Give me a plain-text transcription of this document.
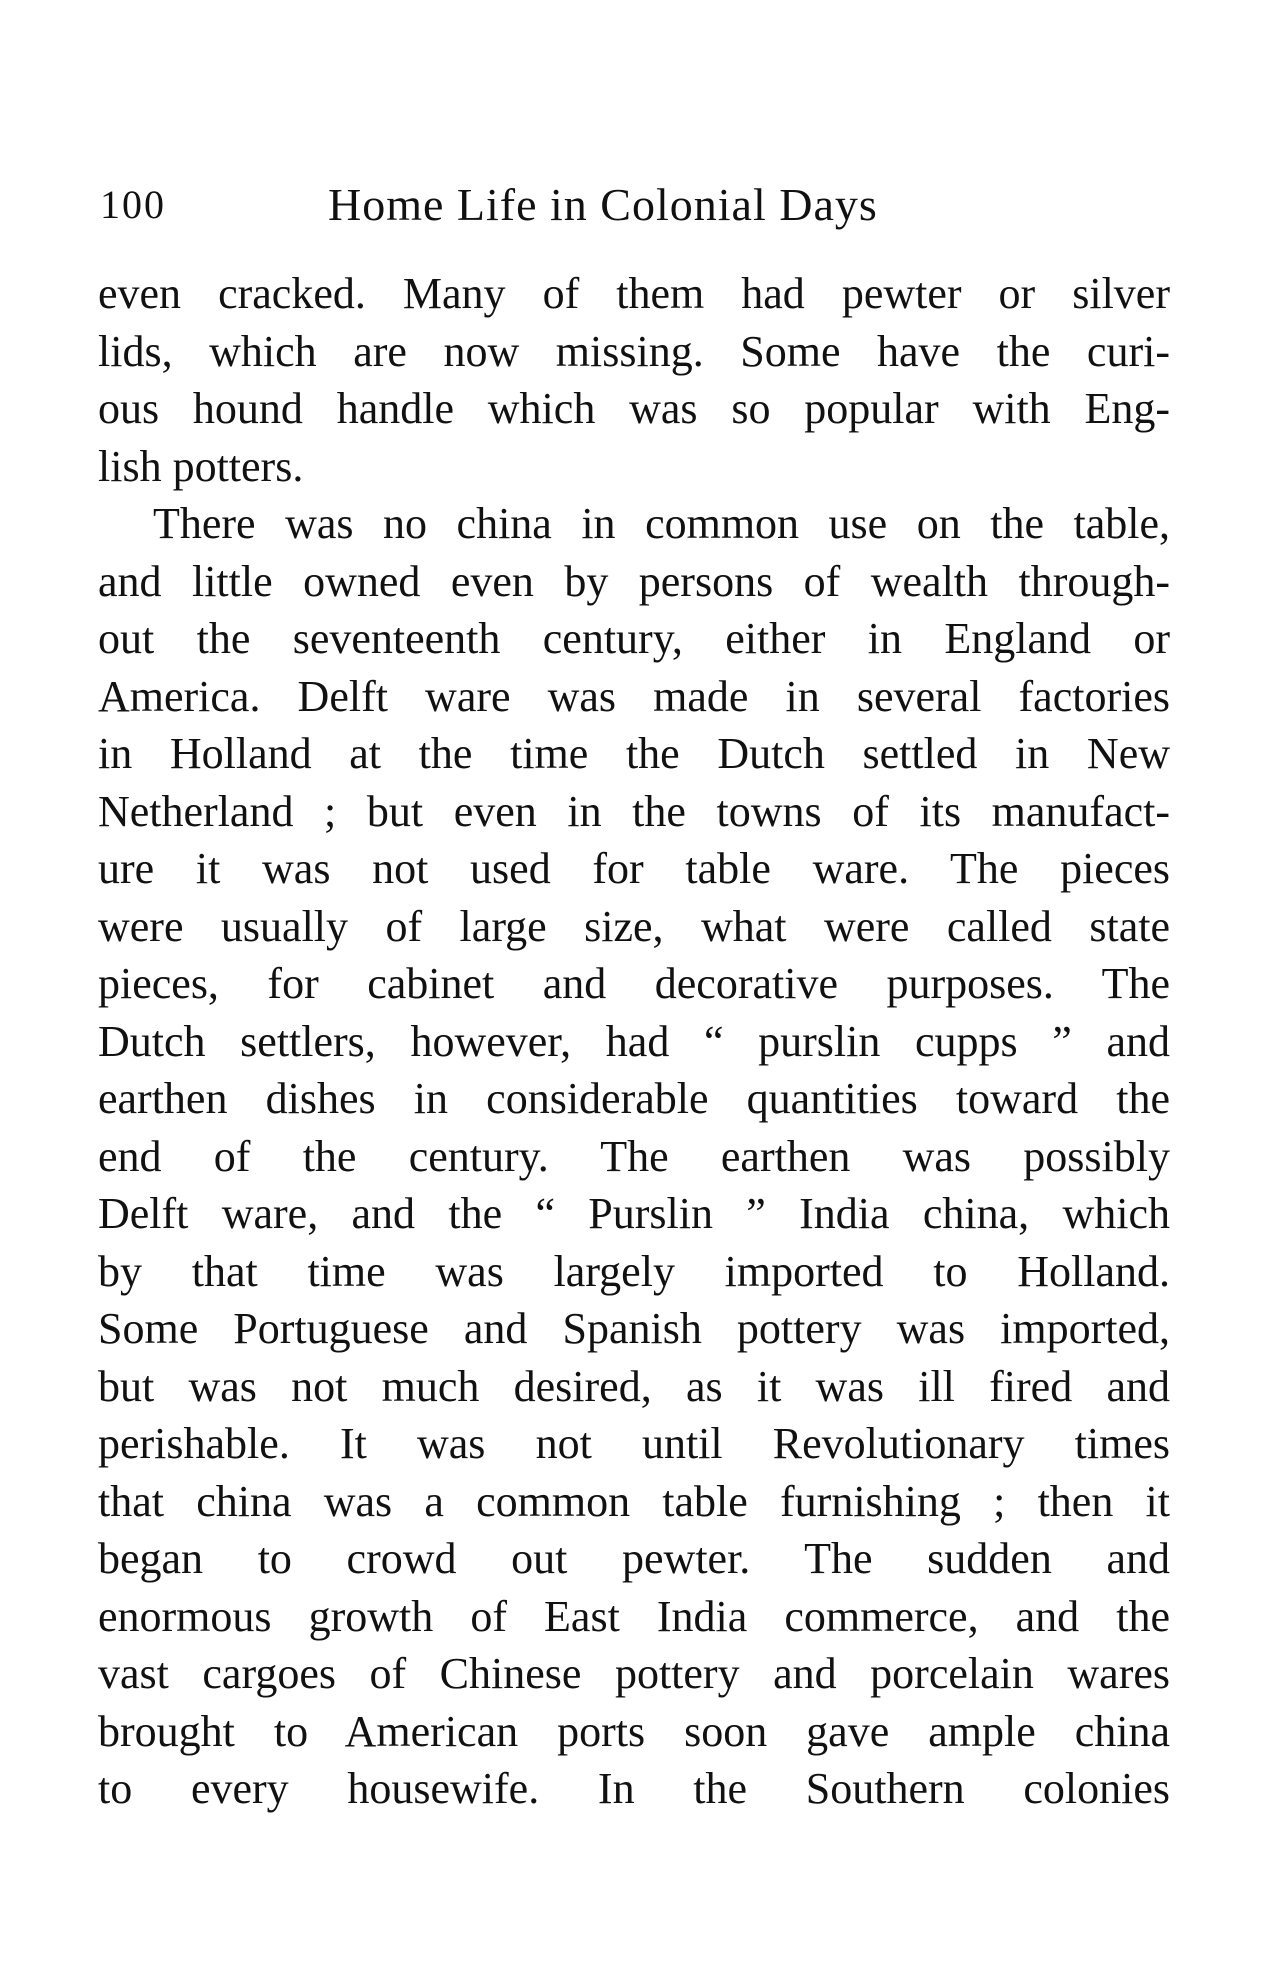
100	Home Life in Colonial Days
even cracked. Many of them had pewter or silver
lids, which are now missing. Some have the curi-
ous hound handle which was so popular with Eng-
lish potters.
There was no china in common use on the table,
and little owned even by persons of wealth through-
out the seventeenth century, either in England or
America. Delft ware was made in several factories
in Holland at the time the Dutch settled in New
Netherland ; but even in the towns of its manufact-
ure it was not used for table ware. The pieces
were usually of large size, what were called state
pieces, for cabinet and decorative purposes. The
Dutch settlers, however, had “ purslin cupps ” and
earthen dishes in considerable quantities toward the
end of the century. The earthen was possibly
Delft ware, and the “ Purslin ” India china, which
by that time was largely imported to Holland.
Some Portuguese and Spanish pottery was imported,
but was not much desired, as it was ill fired and
perishable. It was not until Revolutionary times
that china was a common table furnishing ; then it
began to crowd out pewter. The sudden and
enormous growth of East India commerce, and the
vast cargoes of Chinese pottery and porcelain wares
brought to American ports soon gave ample china
to every housewife. In the Southern colonies
